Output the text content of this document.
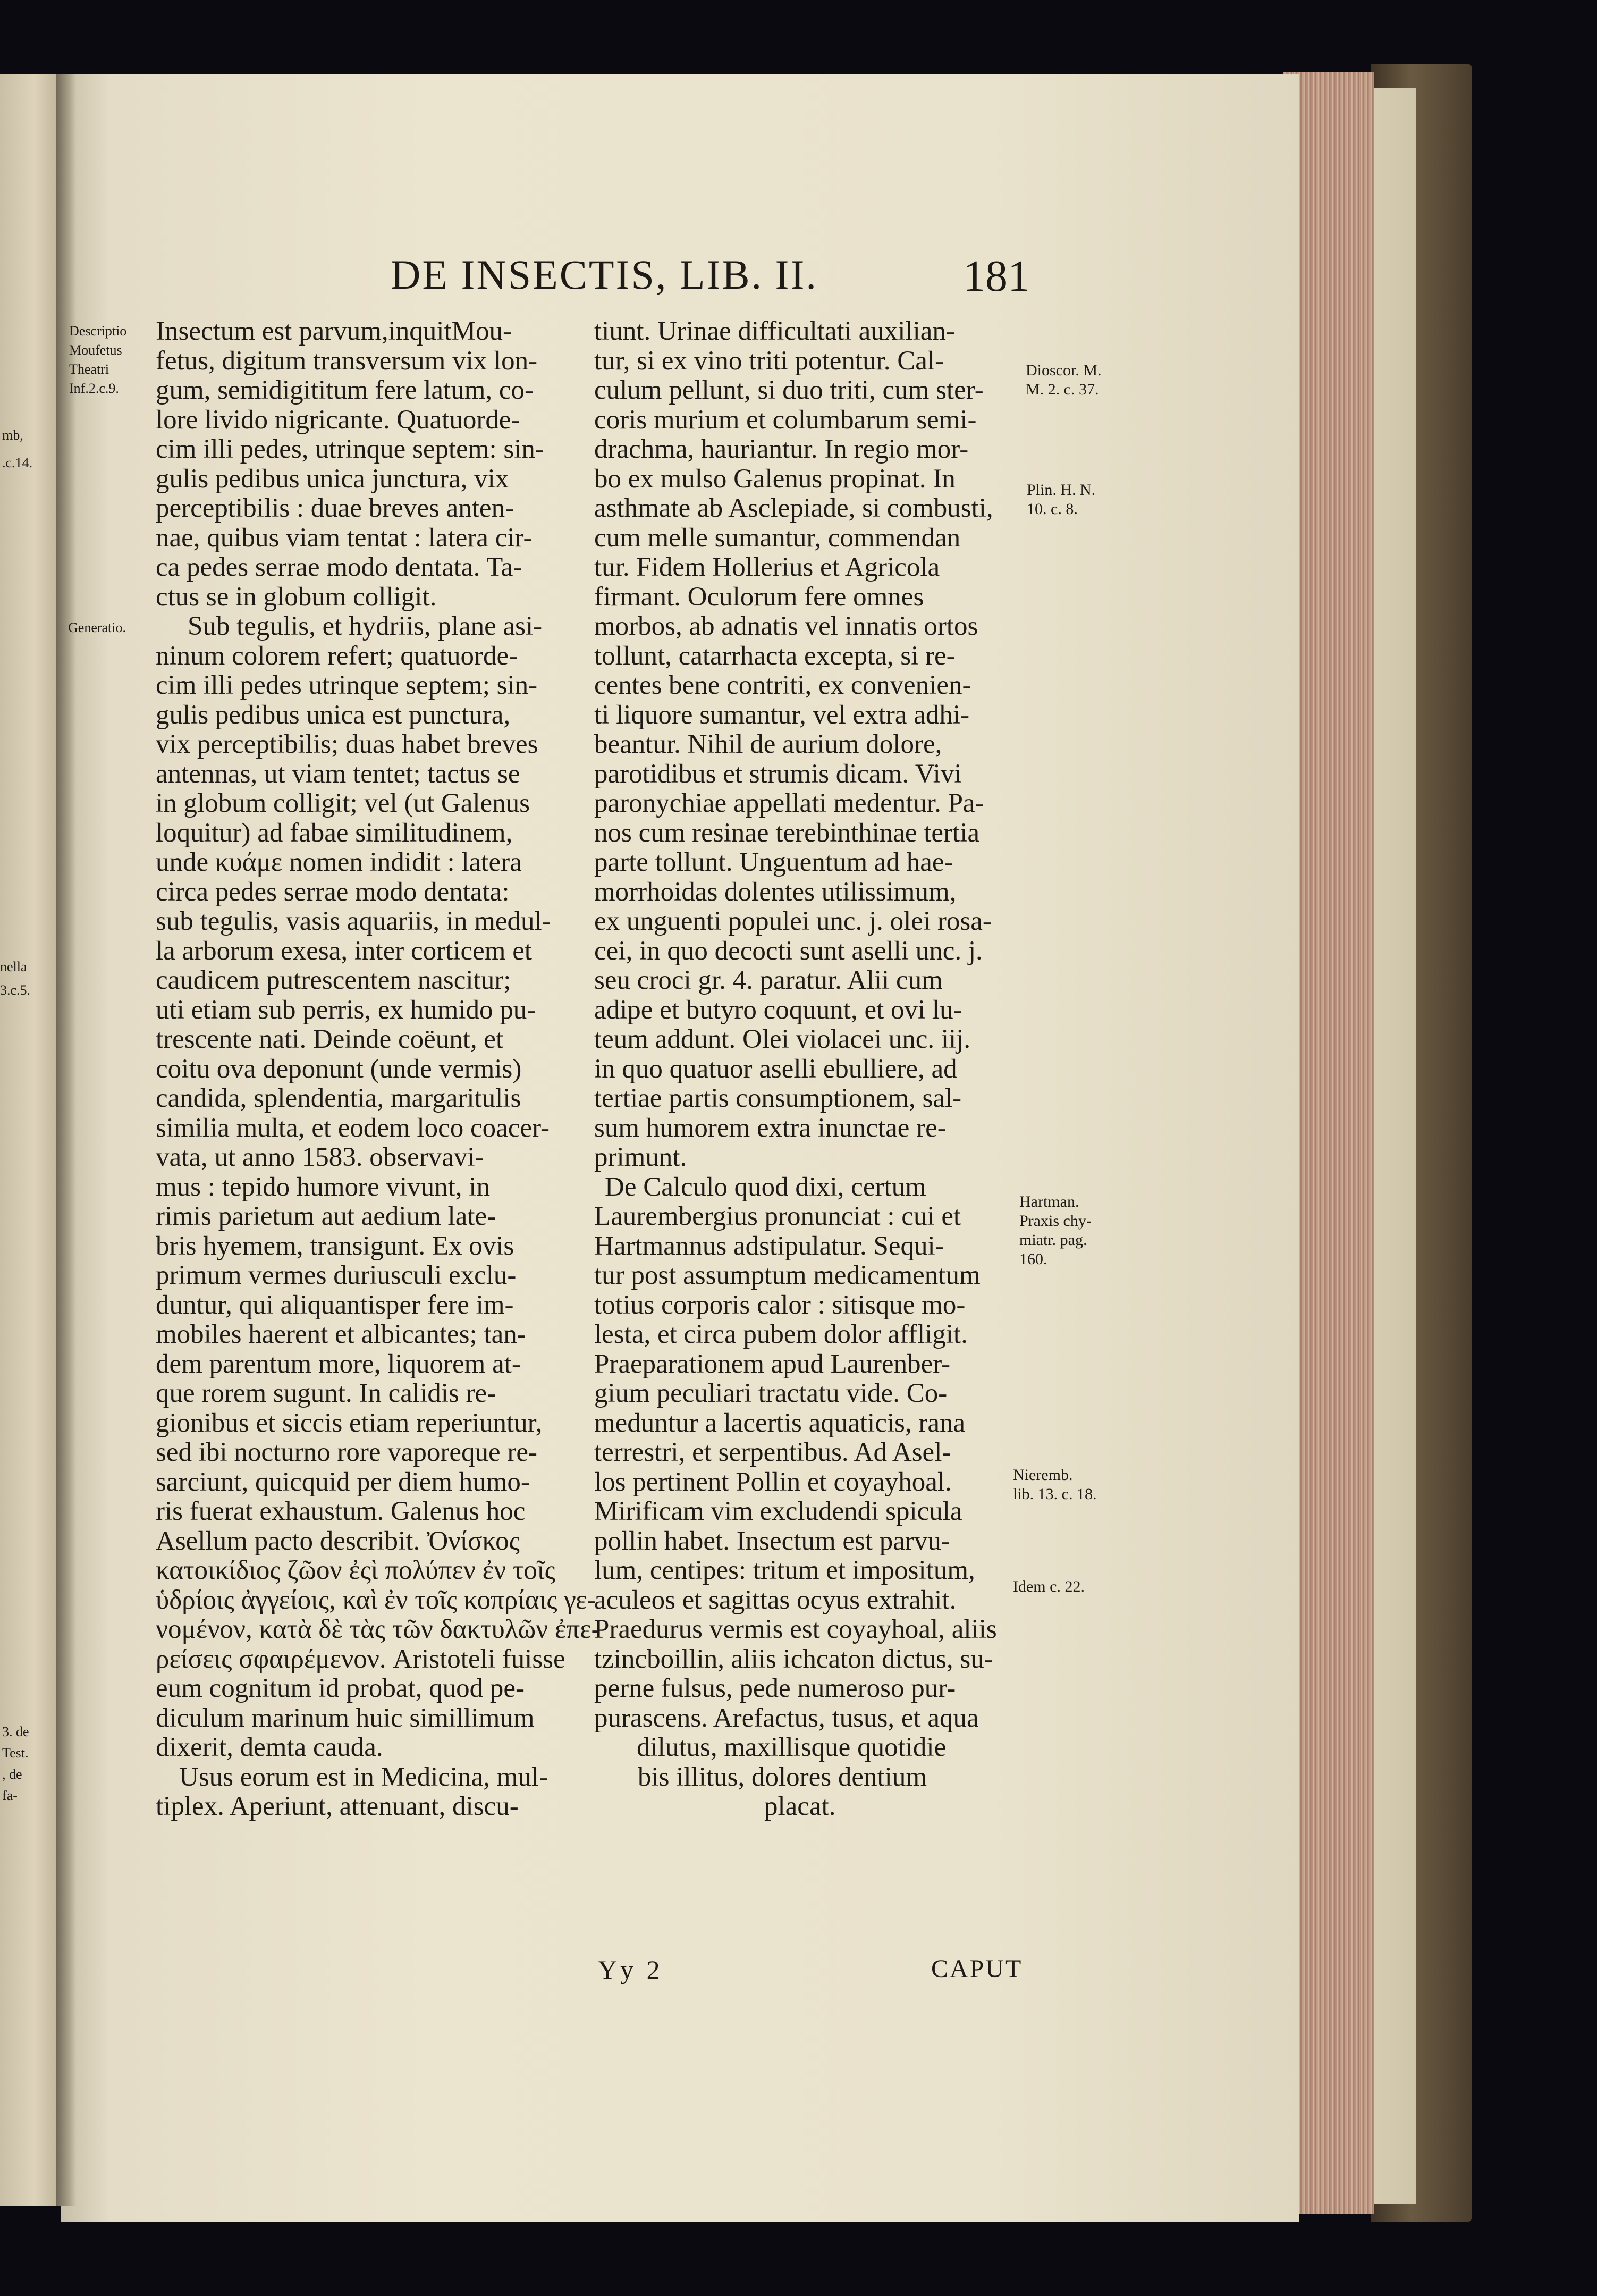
mb,
.c.14.
nella
3.c.5.
3. de
Test.
, de
fa-
DE INSECTIS, LIB. II.	181
Descriptio
Moufetus
Theatri
Inf.2.c.9.
Generatio.
Dioscor. M.
M. 2. c. 37.
Plin. H. N.
10. c. 8.
Hartman.
Praxis chy-
miatr. pag.
160.
Nieremb.
lib. 13. c. 18.
Idem c. 22.
Insectum est parvum,inquitMou-
fetus, digitum transversum vix lon-
gum, semidigititum fere latum, co-
lore livido nigricante. Quatuorde-
cim illi pedes, utrinque septem: sin-
gulis pedibus unica junctura, vix
perceptibilis : duae breves anten-
nae, quibus viam tentat : latera cir-
ca pedes serrae modo dentata. Ta-
ctus se in globum colligit.
Sub tegulis, et hydriis, plane asi-
ninum colorem refert; quatuorde-
cim illi pedes utrinque septem; sin-
gulis pedibus unica est punctura,
vix perceptibilis; duas habet breves
antennas, ut viam tentet; tactus se
in globum colligit; vel (ut Galenus
loquitur) ad fabae similitudinem,
unde κυάμε nomen indidit : latera
circa pedes serrae modo dentata:
sub tegulis, vasis aquariis, in medul-
la arborum exesa, inter corticem et
caudicem putrescentem nascitur;
uti etiam sub perris, ex humido pu-
trescente nati. Deinde coëunt, et
coitu ova deponunt (unde vermis)
candida, splendentia, margaritulis
similia multa, et eodem loco coacer-
vata, ut anno 1583. observavi-
mus : tepido humore vivunt, in
rimis parietum aut aedium late-
bris hyemem, transigunt. Ex ovis
primum vermes duriusculi exclu-
duntur, qui aliquantisper fere im-
mobiles haerent et albicantes; tan-
dem parentum more, liquorem at-
que rorem sugunt. In calidis re-
gionibus et siccis etiam reperiuntur,
sed ibi nocturno rore vaporeque re-
sarciunt, quicquid per diem humo-
ris fuerat exhaustum. Galenus hoc
Asellum pacto describit. Ὀνίσκος
κατοικίδιος ζῶον ἐςὶ πολύπεν ἐν τοῖς
ὑδρίοις ἀγγείοις, καὶ ἐν τοῖς κοπρίαις γε-
νομένον, κατὰ δὲ τὰς τῶν δακτυλῶν ἐπε-
ρείσεις σφαιρέμενον. Aristoteli fuisse
eum cognitum id probat, quod pe-
diculum marinum huic simillimum
dixerit, demta cauda.
Usus eorum est in Medicina, mul-
tiplex. Aperiunt, attenuant, discu-
tiunt. Urinae difficultati auxilian-
tur, si ex vino triti potentur. Cal-
culum pellunt, si duo triti, cum ster-
coris murium et columbarum semi-
drachma, hauriantur. In regio mor-
bo ex mulso Galenus propinat. In
asthmate ab Asclepiade, si combusti,
cum melle sumantur, commendan
tur. Fidem Hollerius et Agricola
firmant. Oculorum fere omnes
morbos, ab adnatis vel innatis ortos
tollunt, catarrhacta excepta, si re-
centes bene contriti, ex convenien-
ti liquore sumantur, vel extra adhi-
beantur. Nihil de aurium dolore,
parotidibus et strumis dicam. Vivi
paronychiae appellati medentur. Pa-
nos cum resinae terebinthinae tertia
parte tollunt. Unguentum ad hae-
morrhoidas dolentes utilissimum,
ex unguenti populei unc. j. olei rosa-
cei, in quo decocti sunt aselli unc. j.
seu croci gr. 4. paratur. Alii cum
adipe et butyro coquunt, et ovi lu-
teum addunt. Olei violacei unc. iij.
in quo quatuor aselli ebulliere, ad
tertiae partis consumptionem, sal-
sum humorem extra inunctae re-
primunt.
De Calculo quod dixi, certum
Laurembergius pronunciat : cui et
Hartmannus adstipulatur. Sequi-
tur post assumptum medicamentum
totius corporis calor : sitisque mo-
lesta, et circa pubem dolor affligit.
Praeparationem apud Laurenber-
gium peculiari tractatu vide. Co-
meduntur a lacertis aquaticis, rana
terrestri, et serpentibus. Ad Asel-
los pertinent Pollin et coyayhoal.
Mirificam vim excludendi spicula
pollin habet. Insectum est parvu-
lum, centipes: tritum et impositum,
aculeos et sagittas ocyus extrahit.
Praedurus vermis est coyayhoal, aliis
tzincboillin, aliis ichcaton dictus, su-
perne fulsus, pede numeroso pur-
purascens. Arefactus, tusus, et aqua
dilutus, maxillisque quotidie
bis illitus, dolores dentium
placat.
Yy 2	CAPUT
